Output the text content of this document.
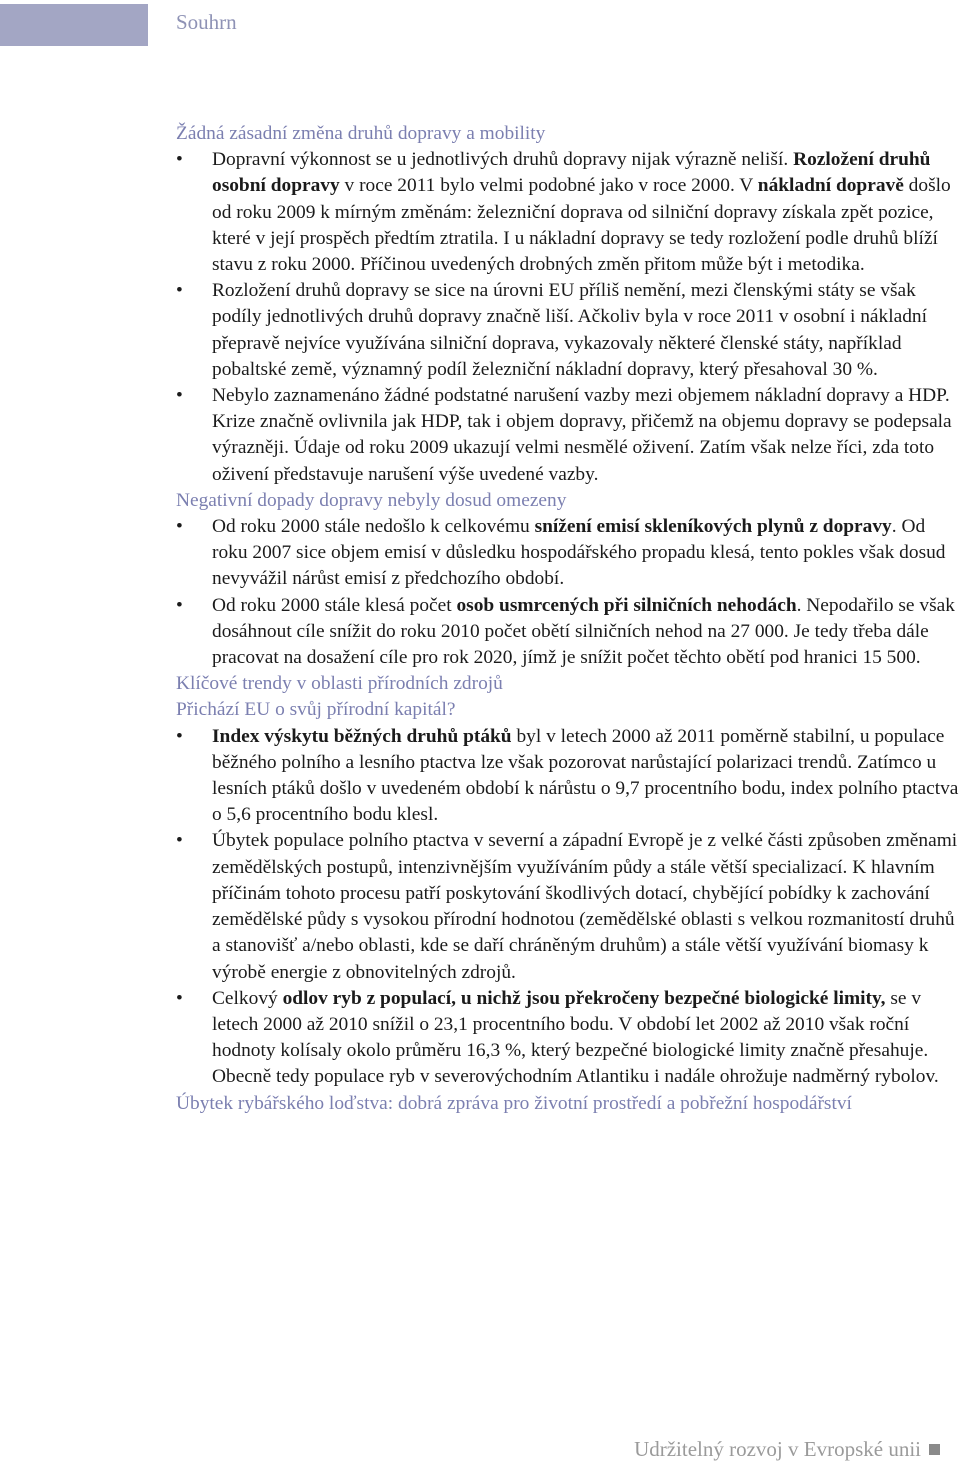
Souhrn
Žádná zásadní změna druhů dopravy a mobility
• Dopravní výkonnost se u jednotlivých druhů dopravy nijak výrazně neliší. Rozložení druhů osobní dopravy v roce 2011 bylo velmi podobné jako v roce 2000. V nákladní dopravě došlo od roku 2009 k mírným změnám: železniční doprava od silniční dopravy získala zpět pozice, které v její prospěch předtím ztratila. I u nákladní dopravy se tedy rozložení podle druhů blíží stavu z roku 2000. Příčinou uvedených drobných změn přitom může být i metodika.
• Rozložení druhů dopravy se sice na úrovni EU příliš nemění, mezi členskými státy se však podíly jednotlivých druhů dopravy značně liší. Ačkoliv byla v roce 2011 v osobní i nákladní přepravě nejvíce využívána silniční doprava, vykazovaly některé členské státy, například pobaltské země, významný podíl železniční nákladní dopravy, který přesahoval 30 %.
• Nebylo zaznamenáno žádné podstatné narušení vazby mezi objemem nákladní dopravy a HDP. Krize značně ovlivnila jak HDP, tak i objem dopravy, přičemž na objemu dopravy se podepsala výrazněji. Údaje od roku 2009 ukazují velmi nesmělé oživení. Zatím však nelze říci, zda toto oživení představuje narušení výše uvedené vazby.
Negativní dopady dopravy nebyly dosud omezeny
• Od roku 2000 stále nedošlo k celkovému snížení emisí skleníkových plynů z dopravy. Od roku 2007 sice objem emisí v důsledku hospodářského propadu klesá, tento pokles však dosud nevyvážil nárůst emisí z předchozího období.
• Od roku 2000 stále klesá počet osob usmrcených při silničních nehodách. Nepodařilo se však dosáhnout cíle snížit do roku 2010 počet obětí silničních nehod na 27 000. Je tedy třeba dále pracovat na dosažení cíle pro rok 2020, jímž je snížit počet těchto obětí pod hranici 15 500.
Klíčové trendy v oblasti přírodních zdrojů
Přichází EU o svůj přírodní kapitál?
• Index výskytu běžných druhů ptáků byl v letech 2000 až 2011 poměrně stabilní, u populace běžného polního a lesního ptactva lze však pozorovat narůstající polarizaci trendů. Zatímco u lesních ptáků došlo v uvedeném období k nárůstu o 9,7 procentního bodu, index polního ptactva o 5,6 procentního bodu klesl.
• Úbytek populace polního ptactva v severní a západní Evropě je z velké části způsoben změnami zemědělských postupů, intenzivnějším využíváním půdy a stále větší specializací. K hlavním příčinám tohoto procesu patří poskytování škodlivých dotací, chybějící pobídky k zachování zemědělské půdy s vysokou přírodní hodnotou (zemědělské oblasti s velkou rozmanitostí druhů a stanovišť a/nebo oblasti, kde se daří chráněným druhům) a stále větší využívání biomasy k výrobě energie z obnovitelných zdrojů.
• Celkový odlov ryb z populací, u nichž jsou překročeny bezpečné biologické limity, se v letech 2000 až 2010 snížil o 23,1 procentního bodu. V období let 2002 až 2010 však roční hodnoty kolísaly okolo průměru 16,3 %, který bezpečné biologické limity značně přesahuje. Obecně tedy populace ryb v severovýchodním Atlantiku i nadále ohrožuje nadměrný rybolov.
Úbytek rybářského loďstva: dobrá zpráva pro životní prostředí a pobřežní hospodářství
Udržitelný rozvoj v Evropské unii
